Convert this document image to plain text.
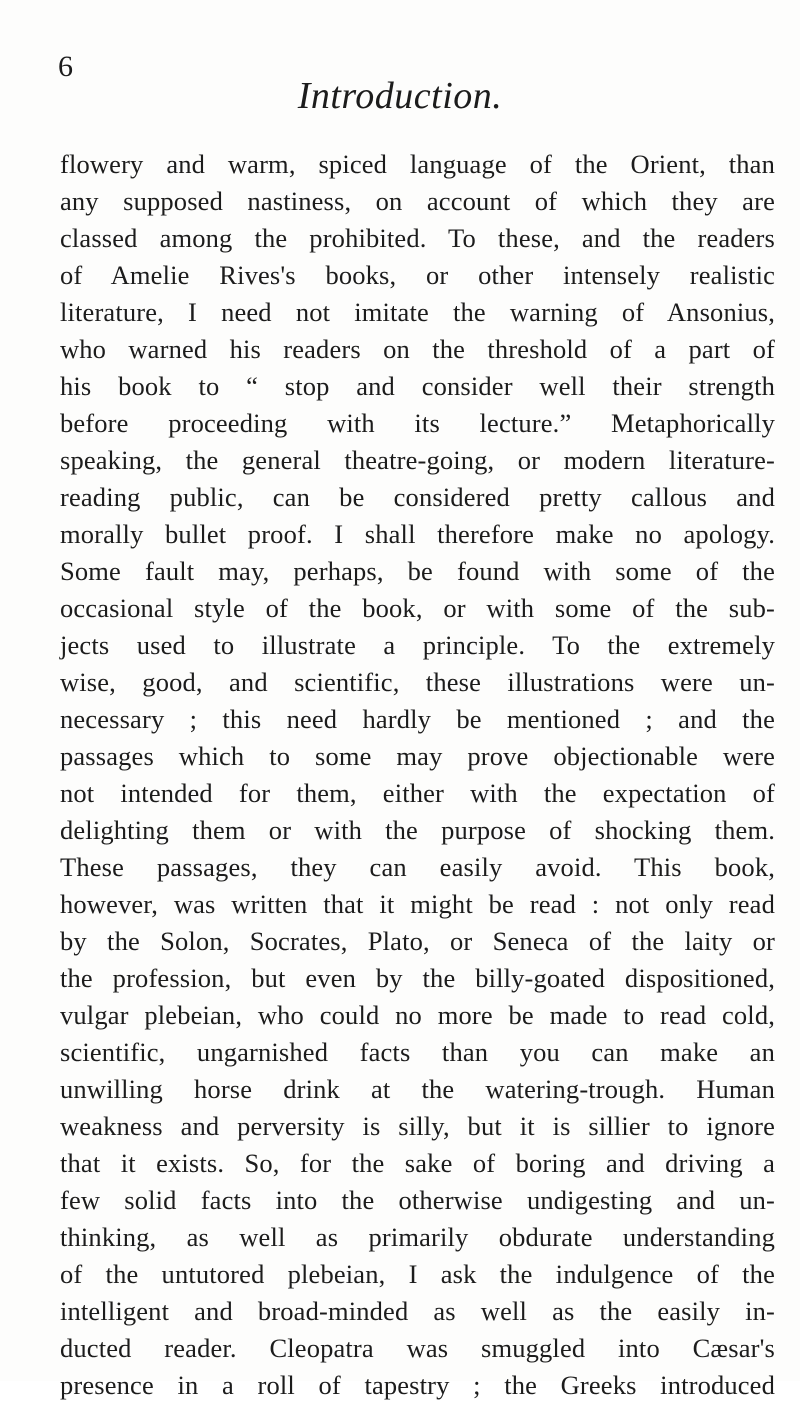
6
Introduction.
flowery and warm, spiced language of the Orient, than
any supposed nastiness, on account of which they are
classed among the prohibited. To these, and the readers
of Amelie Rives's books, or other intensely realistic
literature, I need not imitate the warning of Ansonius,
who warned his readers on the threshold of a part of
his book to “ stop and consider well their strength
before proceeding with its lecture.” Metaphorically
speaking, the general theatre-going, or modern literature-
reading public, can be considered pretty callous and
morally bullet proof. I shall therefore make no apology.
Some fault may, perhaps, be found with some of the
occasional style of the book, or with some of the sub-
jects used to illustrate a principle. To the extremely
wise, good, and scientific, these illustrations were un-
necessary ; this need hardly be mentioned ; and the
passages which to some may prove objectionable were
not intended for them, either with the expectation of
delighting them or with the purpose of shocking them.
These passages, they can easily avoid. This book,
however, was written that it might be read : not only read
by the Solon, Socrates, Plato, or Seneca of the laity or
the profession, but even by the billy-goated dispositioned,
vulgar plebeian, who could no more be made to read cold,
scientific, ungarnished facts than you can make an
unwilling horse drink at the watering-trough. Human
weakness and perversity is silly, but it is sillier to ignore
that it exists. So, for the sake of boring and driving a
few solid facts into the otherwise undigesting and un-
thinking, as well as primarily obdurate understanding
of the untutored plebeian, I ask the indulgence of the
intelligent and broad-minded as well as the easily in-
ducted reader. Cleopatra was smuggled into Cæsar's
presence in a roll of tapestry ; the Greeks introduced
